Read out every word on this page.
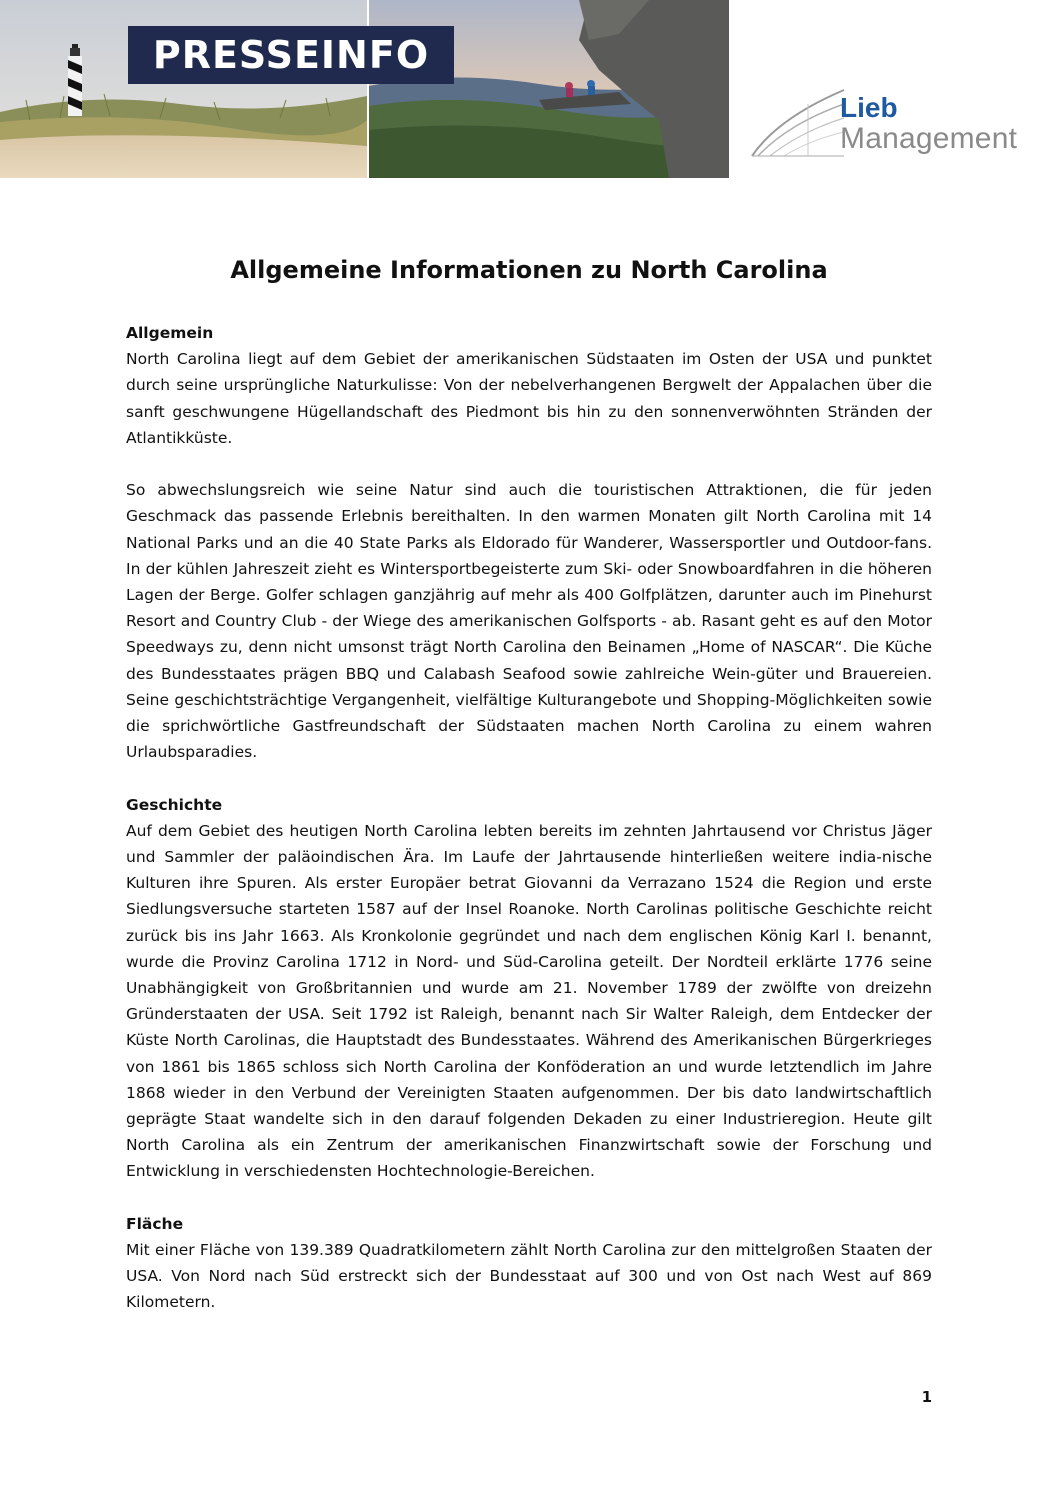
PRESSEINFO
Lieb
Management
Allgemeine Informationen zu North Carolina
Allgemein

North Carolina liegt auf dem Gebiet der amerikanischen Südstaaten im Osten der USA und punktet durch seine ursprüngliche Naturkulisse: Von der nebelverhangenen Bergwelt der Appalachen über die sanft geschwungene Hügellandschaft des Piedmont bis hin zu den sonnenverwöhnten Stränden der Atlantikküste.

So abwechslungsreich wie seine Natur sind auch die touristischen Attraktionen, die für jeden Geschmack das passende Erlebnis bereithalten. In den warmen Monaten gilt North Carolina mit 14 National Parks und an die 40 State Parks als Eldorado für Wanderer, Wassersportler und Outdoor-fans. In der kühlen Jahreszeit zieht es Wintersportbegeisterte zum Ski- oder Snowboardfahren in die höheren Lagen der Berge. Golfer schlagen ganzjährig auf mehr als 400 Golfplätzen, darunter auch im Pinehurst Resort and Country Club - der Wiege des amerikanischen Golfsports - ab. Rasant geht es auf den Motor Speedways zu, denn nicht umsonst trägt North Carolina den Beinamen „Home of NASCAR“. Die Küche des Bundesstaates prägen BBQ und Calabash Seafood sowie zahlreiche Wein-güter und Brauereien. Seine geschichtsträchtige Vergangenheit, vielfältige Kulturangebote und Shopping-Möglichkeiten sowie die sprichwörtliche Gastfreundschaft der Südstaaten machen North Carolina zu einem wahren Urlaubsparadies.

Geschichte

Auf dem Gebiet des heutigen North Carolina lebten bereits im zehnten Jahrtausend vor Christus Jäger und Sammler der paläoindischen Ära. Im Laufe der Jahrtausende hinterließen weitere india-nische Kulturen ihre Spuren. Als erster Europäer betrat Giovanni da Verrazano 1524 die Region und erste Siedlungsversuche starteten 1587 auf der Insel Roanoke. North Carolinas politische Geschichte reicht zurück bis ins Jahr 1663. Als Kronkolonie gegründet und nach dem englischen König Karl I. benannt, wurde die Provinz Carolina 1712 in Nord- und Süd-Carolina geteilt. Der Nordteil erklärte 1776 seine Unabhängigkeit von Großbritannien und wurde am 21. November 1789 der zwölfte von dreizehn Gründerstaaten der USA. Seit 1792 ist Raleigh, benannt nach Sir Walter Raleigh, dem Entdecker der Küste North Carolinas, die Hauptstadt des Bundesstaates. Während des Amerikanischen Bürgerkrieges von 1861 bis 1865 schloss sich North Carolina der Konföderation an und wurde letztendlich im Jahre 1868 wieder in den Verbund der Vereinigten Staaten aufgenommen. Der bis dato landwirtschaftlich geprägte Staat wandelte sich in den darauf folgenden Dekaden zu einer Industrieregion. Heute gilt North Carolina als ein Zentrum der amerikanischen Finanzwirtschaft sowie der Forschung und Entwicklung in verschiedensten Hochtechnologie-Bereichen.

Fläche

Mit einer Fläche von 139.389 Quadratkilometern zählt North Carolina zur den mittelgroßen Staaten der USA. Von Nord nach Süd erstreckt sich der Bundesstaat auf 300 und von Ost nach West auf 869 Kilometern.

1
